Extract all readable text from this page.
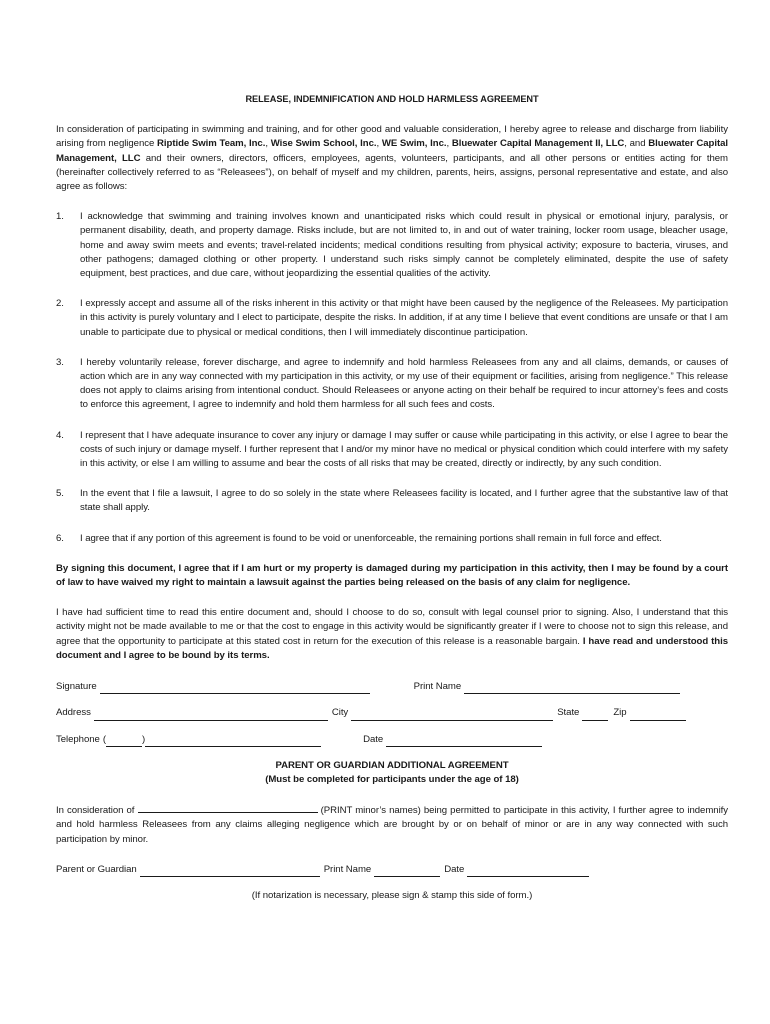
RELEASE, INDEMNIFICATION AND HOLD HARMLESS AGREEMENT

In consideration of participating in swimming and training, and for other good and valuable consideration, I hereby agree to release and discharge from liability arising from negligence Riptide Swim Team, Inc., Wise Swim School, Inc., WE Swim, Inc., Bluewater Capital Management II, LLC, and Bluewater Capital Management, LLC and their owners, directors, officers, employees, agents, volunteers, participants, and all other persons or entities acting for them (hereinafter collectively referred to as “Releasees”), on behalf of myself and my children, parents, heirs, assigns, personal representative and estate, and also agree as follows:

1.	I acknowledge that swimming and training involves known and unanticipated risks which could result in physical or emotional injury, paralysis, or permanent disability, death, and property damage. Risks include, but are not limited to, in and out of water training, locker room usage, bleacher usage, home and away swim meets and events; travel-related incidents; medical conditions resulting from physical activity; exposure to bacteria, viruses, and other pathogens; damaged clothing or other property. I understand such risks simply cannot be completely eliminated, despite the use of safety equipment, best practices, and due care, without jeopardizing the essential qualities of the activity.
2.	I expressly accept and assume all of the risks inherent in this activity or that might have been caused by the negligence of the Releasees. My participation in this activity is purely voluntary and I elect to participate, despite the risks. In addition, if at any time I believe that event conditions are unsafe or that I am unable to participate due to physical or medical conditions, then I will immediately discontinue participation.
3.	I hereby voluntarily release, forever discharge, and agree to indemnify and hold harmless Releasees from any and all claims, demands, or causes of action which are in any way connected with my participation in this activity, or my use of their equipment or facilities, arising from negligence.” This release does not apply to claims arising from intentional conduct. Should Releasees or anyone acting on their behalf be required to incur attorney’s fees and costs to enforce this agreement, I agree to indemnify and hold them harmless for all such fees and costs.
4.	I represent that I have adequate insurance to cover any injury or damage I may suffer or cause while participating in this activity, or else I agree to bear the costs of such injury or damage myself. I further represent that I and/or my minor have no medical or physical condition which could interfere with my safety in this activity, or else I am willing to assume and bear the costs of all risks that may be created, directly or indirectly, by any such condition.
5.	In the event that I file a lawsuit, I agree to do so solely in the state where Releasees facility is located, and I further agree that the substantive law of that state shall apply.
6.	I agree that if any portion of this agreement is found to be void or unenforceable, the remaining portions shall remain in full force and effect.

By signing this document, I agree that if I am hurt or my property is damaged during my participation in this activity, then I may be found by a court of law to have waived my right to maintain a lawsuit against the parties being released on the basis of any claim for negligence.

I have had sufficient time to read this entire document and, should I choose to do so, consult with legal counsel prior to signing. Also, I understand that this activity might not be made available to me or that the cost to engage in this activity would be significantly greater if I were to choose not to sign this release, and agree that the opportunity to participate at this stated cost in return for the execution of this release is a reasonable bargain. I have read and understood this document and I agree to be bound by its terms.

Signature	Print Name
Address	City	State	Zip
Telephone (	)	Date

PARENT OR GUARDIAN ADDITIONAL AGREEMENT

(Must be completed for participants under the age of 18)

In consideration of	(PRINT minor’s names) being permitted to participate in this activity, I further agree to indemnify and hold harmless Releasees from any claims alleging negligence which are brought by or on behalf of minor or are in any way connected with such participation by minor.

Parent or Guardian	Print Name	Date

(If notarization is necessary, please sign & stamp this side of form.)
